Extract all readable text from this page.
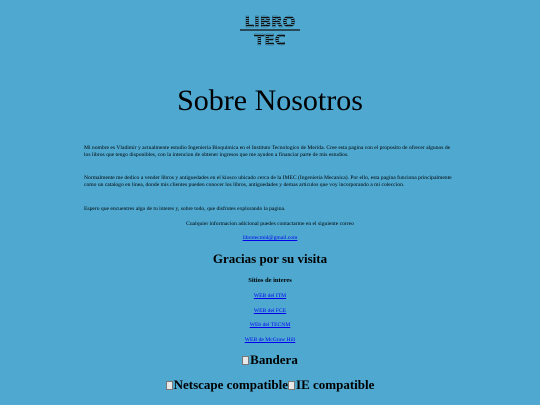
LIBRO
TEC
Sobre Nosotros

Mi nombre es Vladimir y actualmente estudio Ingenieria Bioquimica en el Instituto Tecnologico de Merida. Cree esta pagina con el proposito de ofrecer algunos de los libros que tengo disponibles, con la intencion de obtener ingresos que me ayuden a financiar parte de mis estudios.

Normalmente me dedico a vender libros y antiguedades en el kiosco ubicado cerca de la IMEC (Ingenieria Mecanica). Por ello, esta pagina funciona principalmente como un catalogo en linea, donde mis clientes pueden conocer los libros, antiguedades y demas articulos que voy incorporando a mi coleccion.

Espero que encuentres algo de tu interes y, sobre todo, que disfrutes explorando la pagina.

Cualquier informacion adicional puedes contactarme en el siguiente correo

librotecmid@gmail.com
Gracias por su visita
Sitios de interes
WEB del ITM
WEB del FCE
WEb del TECNM
WEB de McGraw Hill
Bandera
Netscape compatible IE compatible
